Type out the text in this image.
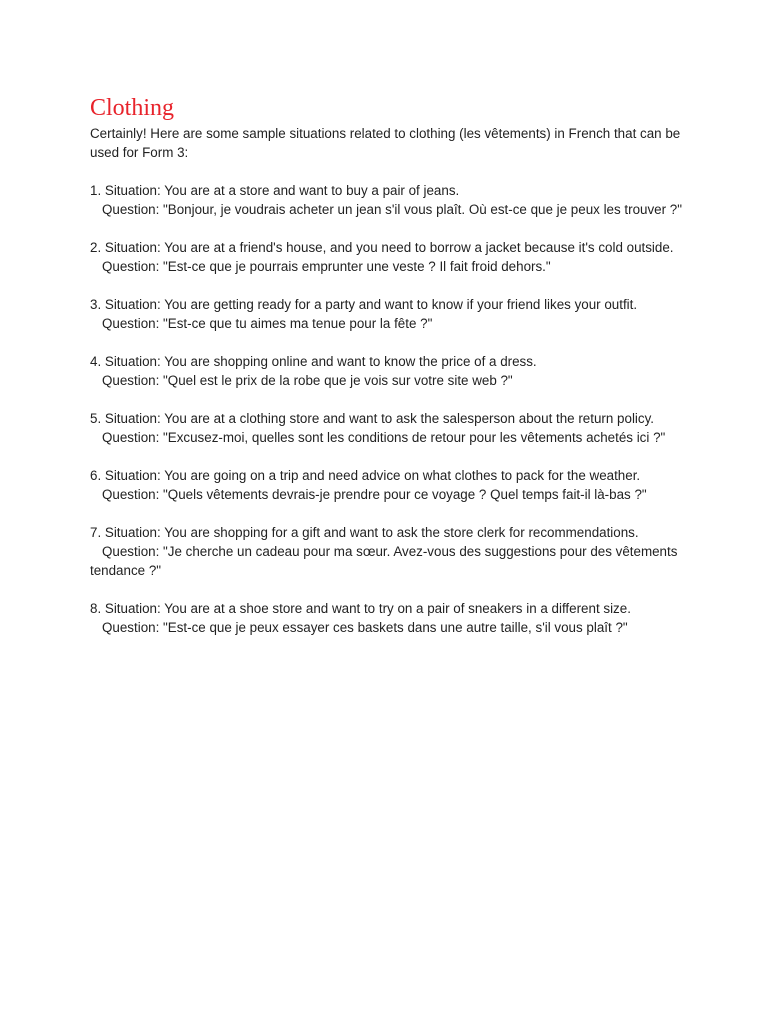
Clothing

Certainly! Here are some sample situations related to clothing (les vêtements) in French that can be used for Form 3:

1. Situation: You are at a store and want to buy a pair of jeans.

Question: "Bonjour, je voudrais acheter un jean s'il vous plaît. Où est-ce que je peux les trouver ?"

2. Situation: You are at a friend's house, and you need to borrow a jacket because it's cold outside.

Question: "Est-ce que je pourrais emprunter une veste ? Il fait froid dehors."

3. Situation: You are getting ready for a party and want to know if your friend likes your outfit.

Question: "Est-ce que tu aimes ma tenue pour la fête ?"

4. Situation: You are shopping online and want to know the price of a dress.

Question: "Quel est le prix de la robe que je vois sur votre site web ?"

5. Situation: You are at a clothing store and want to ask the salesperson about the return policy.

Question: "Excusez-moi, quelles sont les conditions de retour pour les vêtements achetés ici ?"

6. Situation: You are going on a trip and need advice on what clothes to pack for the weather.

Question: "Quels vêtements devrais-je prendre pour ce voyage ? Quel temps fait-il là-bas ?"

7. Situation: You are shopping for a gift and want to ask the store clerk for recommendations.

Question: "Je cherche un cadeau pour ma sœur. Avez-vous des suggestions pour des vêtements tendance ?"

8. Situation: You are at a shoe store and want to try on a pair of sneakers in a different size.

Question: "Est-ce que je peux essayer ces baskets dans une autre taille, s'il vous plaît ?"
